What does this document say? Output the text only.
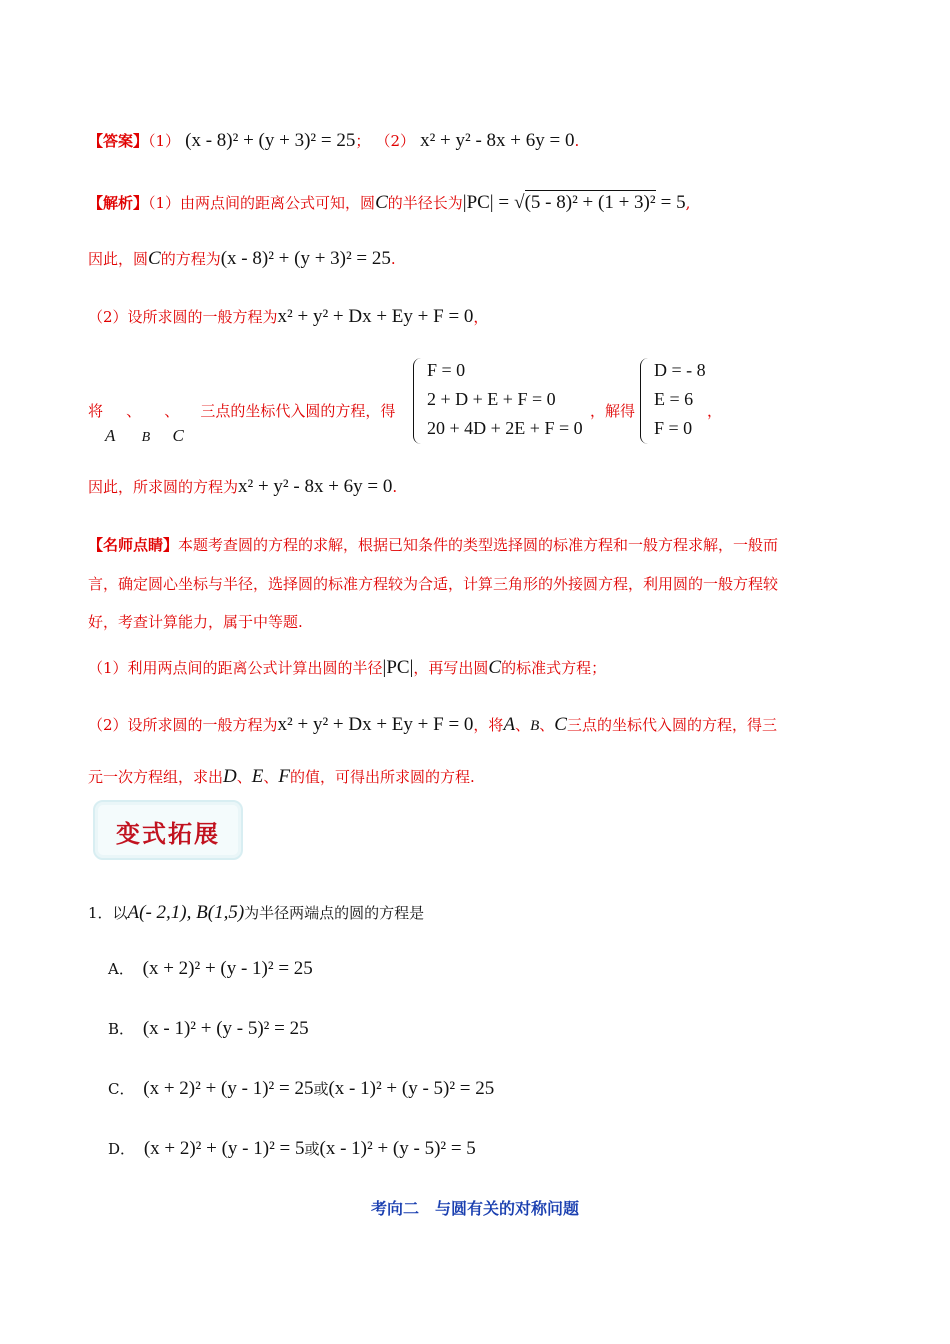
【答案】（1） (x - 8)² + (y + 3)² = 25； （2） x² + y² - 8x + 6y = 0.
【解析】（1）由两点间的距离公式可知，圆C的半径长为|PC| = √(5 - 8)² + (1 + 3)² = 5,
因此，圆C的方程为(x - 8)² + (y + 3)² = 25.
（2）设所求圆的一般方程为x² + y² + Dx + Ey + F = 0，
将 、 、 三点的坐标代入圆的方程，得
A B C
F = 0
2 + D + E + F = 0
20 + 4D + 2E + F = 0
，解得
D = - 8
E = 6
F = 0
，
因此，所求圆的方程为x² + y² - 8x + 6y = 0.
【名师点睛】本题考查圆的方程的求解，根据已知条件的类型选择圆的标准方程和一般方程求解，一般而
言，确定圆心坐标与半径，选择圆的标准方程较为合适，计算三角形的外接圆方程，利用圆的一般方程较
好，考查计算能力，属于中等题.
（1）利用两点间的距离公式计算出圆的半径|PC|，再写出圆C的标准式方程；
（2）设所求圆的一般方程为x² + y² + Dx + Ey + F = 0，将A、B、C三点的坐标代入圆的方程，得三
元一次方程组，求出D、E、F的值，可得出所求圆的方程.
变式拓展
1．以A(- 2,1), B(1,5)为半径两端点的圆的方程是
A． (x + 2)² + (y - 1)² = 25
B． (x - 1)² + (y - 5)² = 25
C． (x + 2)² + (y - 1)² = 25或(x - 1)² + (y - 5)² = 25
D． (x + 2)² + (y - 1)² = 5或(x - 1)² + (y - 5)² = 5
考向二　与圆有关的对称问题
